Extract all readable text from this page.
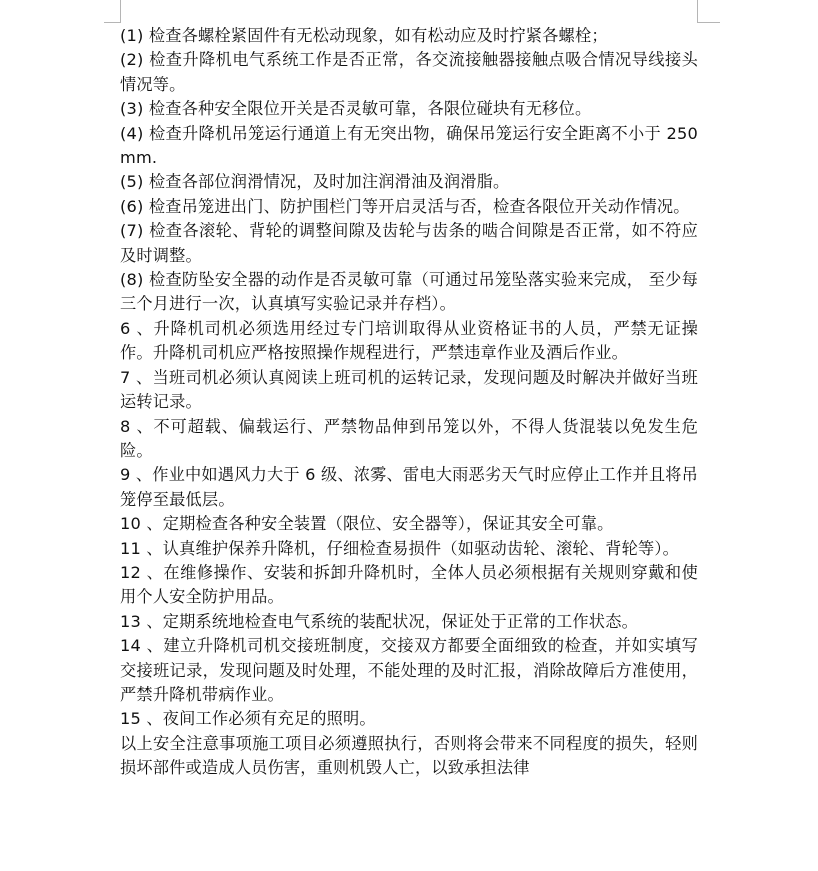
(1) 检查各螺栓紧固件有无松动现象，如有松动应及时拧紧各螺栓；

(2) 检查升降机电气系统工作是否正常，各交流接触器接触点吸合情况导线接头情况等。

(3) 检查各种安全限位开关是否灵敏可靠，各限位碰块有无移位。

(4) 检查升降机吊笼运行通道上有无突出物，确保吊笼运行安全距离不小于 250mm.

(5) 检查各部位润滑情况，及时加注润滑油及润滑脂。

(6) 检查吊笼进出门、防护围栏门等开启灵活与否，检查各限位开关动作情况。

(7) 检查各滚轮、背轮的调整间隙及齿轮与齿条的啮合间隙是否正常，如不符应及时调整。

(8) 检查防坠安全器的动作是否灵敏可靠（可通过吊笼坠落实验来完成， 至少每三个月进行一次，认真填写实验记录并存档）。

6 、升降机司机必须选用经过专门培训取得从业资格证书的人员，严禁无证操作。升降机司机应严格按照操作规程进行，严禁违章作业及酒后作业。

7 、当班司机必须认真阅读上班司机的运转记录，发现问题及时解决并做好当班运转记录。

8 、不可超载、偏载运行、严禁物品伸到吊笼以外，不得人货混装以免发生危险。

9 、作业中如遇风力大于 6 级、浓雾、雷电大雨恶劣天气时应停止工作并且将吊笼停至最低层。

10 、定期检查各种安全装置（限位、安全器等），保证其安全可靠。

11 、认真维护保养升降机，仔细检查易损件（如驱动齿轮、滚轮、背轮等）。

12 、在维修操作、安装和拆卸升降机时，全体人员必须根据有关规则穿戴和使用个人安全防护用品。

13 、定期系统地检查电气系统的装配状况，保证处于正常的工作状态。

14 、建立升降机司机交接班制度，交接双方都要全面细致的检查，并如实填写交接班记录，发现问题及时处理，不能处理的及时汇报，消除故障后方准使用，严禁升降机带病作业。

15 、夜间工作必须有充足的照明。

以上安全注意事项施工项目必须遵照执行，否则将会带来不同程度的损失，轻则损坏部件或造成人员伤害，重则机毁人亡，以致承担法律
